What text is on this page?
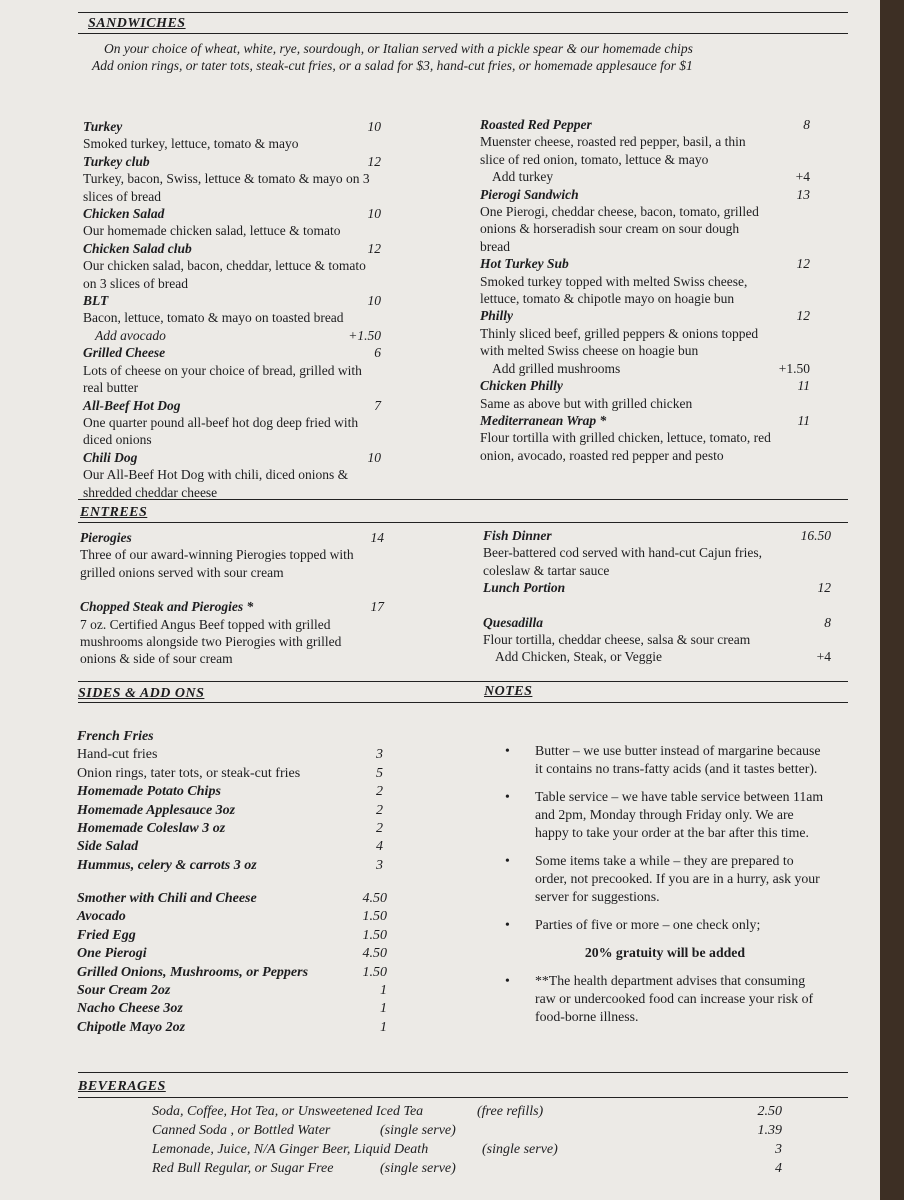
SANDWICHES
On your choice of wheat, white, rye, sourdough, or Italian served with a pickle spear & our homemade chips
Add onion rings, or tater tots, steak-cut fries, or a salad for $3, hand-cut fries, or homemade applesauce for $1
Turkey	10
Smoked turkey, lettuce, tomato & mayo
Turkey club	12
Turkey, bacon, Swiss, lettuce & tomato & mayo on 3
slices of bread
Chicken Salad	10
Our homemade chicken salad, lettuce & tomato
Chicken Salad club	12
Our chicken salad, bacon, cheddar, lettuce & tomato
on 3 slices of bread
BLT	10
Bacon, lettuce, tomato & mayo on toasted bread
Add avocado	+1.50
Grilled Cheese	6
Lots of cheese on your choice of bread, grilled with
real butter
All-Beef Hot Dog	7
One quarter pound all-beef hot dog deep fried with
diced onions
Chili Dog	10
Our All-Beef Hot Dog with chili, diced onions &
shredded cheddar cheese
Roasted Red Pepper	8
Muenster cheese, roasted red pepper, basil, a thin
slice of red onion, tomato, lettuce & mayo
Add turkey	+4
Pierogi Sandwich	13
One Pierogi, cheddar cheese, bacon, tomato, grilled
onions & horseradish sour cream on sour dough
bread
Hot Turkey Sub	12
Smoked turkey topped with melted Swiss cheese,
lettuce, tomato & chipotle mayo on hoagie bun
Philly	12
Thinly sliced beef, grilled peppers & onions topped
with melted Swiss cheese on hoagie bun
Add grilled mushrooms	+1.50
Chicken Philly	11
Same as above but with grilled chicken
Mediterranean Wrap *	11
Flour tortilla with grilled chicken, lettuce, tomato, red
onion, avocado, roasted red pepper and pesto
ENTREES
Pierogies	14
Three of our award-winning Pierogies topped with
grilled onions served with sour cream
Chopped Steak and Pierogies *	17
7 oz. Certified Angus Beef topped with grilled
mushrooms alongside two Pierogies with grilled
onions & side of sour cream
Fish Dinner	16.50
Beer-battered cod served with hand-cut Cajun fries,
coleslaw & tartar sauce
Lunch Portion	12
Quesadilla	8
Flour tortilla, cheddar cheese, salsa & sour cream
Add Chicken, Steak, or Veggie	+4
SIDES & ADD ONS	NOTES
French Fries
Hand-cut fries	3
Onion rings, tater tots, or steak-cut fries	5
Homemade Potato Chips	2
Homemade Applesauce 3oz	2
Homemade Coleslaw 3 oz	2
Side Salad	4
Hummus, celery & carrots 3 oz	3
Smother with Chili and Cheese	4.50
Avocado	1.50
Fried Egg	1.50
One Pierogi	4.50
Grilled Onions, Mushrooms, or Peppers	1.50
Sour Cream 2oz	1
Nacho Cheese 3oz	1
Chipotle Mayo 2oz	1
• Butter – we use butter instead of margarine because it contains no trans-fatty acids (and it tastes better).
• Table service – we have table service between 11am and 2pm, Monday through Friday only. We are happy to take your order at the bar after this time.
• Some items take a while – they are prepared to order, not precooked. If you are in a hurry, ask your server for suggestions.
• Parties of five or more – one check only;
20% gratuity will be added
• **The health department advises that consuming raw or undercooked food can increase your risk of food-borne illness.
BEVERAGES
Soda, Coffee, Hot Tea, or Unsweetened Iced Tea	(free refills)	2.50
Canned Soda , or Bottled Water	(single serve)	1.39
Lemonade, Juice, N/A Ginger Beer, Liquid Death	(single serve)	3
Red Bull Regular, or Sugar Free	(single serve)	4
